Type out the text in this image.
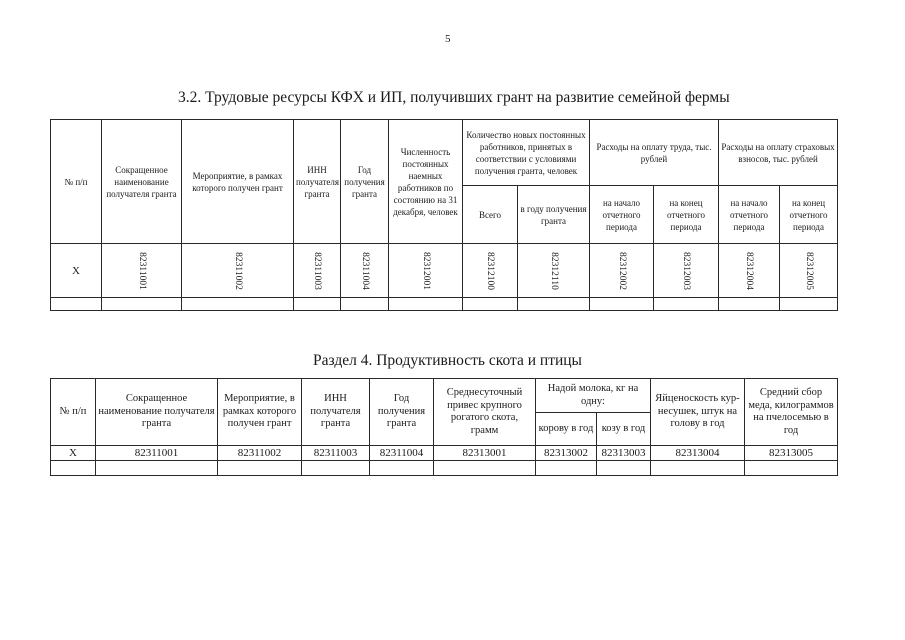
5
3.2. Трудовые ресурсы КФХ и ИП, получивших грант на развитие семейной фермы
№ п/п	Сокращенное наименование получателя гранта	Мероприятие, в рамках которого получен грант	ИНН получателя гранта	Год получения гранта	Численность постоянных наемных работников по состоянию на 31 декабря, человек	Количество новых постоянных работников, принятых в соответствии с условиями получения гранта, человек		Расходы на оплату труда, тыс. рублей		Расходы на оплату страховых взносов, тыс. рублей	
						Всего	в году получения гранта	на начало отчетного периода	на конец отчетного периода	на начало отчетного периода	на конец отчетного периода
Х	82311001	82311002	82311003	82311004	82312001	82312100	82312110	82312002	82312003	82312004	82312005

Раздел 4. Продуктивность скота и птицы
№ п/п	Сокращенное наименование получателя гранта	Мероприятие, в рамках которого получен грант	ИНН получателя гранта	Год получения гранта	Среднесуточный привес крупного рогатого скота, грамм	Надой молока, кг на одну:		Яйценоскость кур-несушек, штук на голову в год	Средний сбор меда, килограммов на пчелосемью в год
						корову в год	козу в год		
Х	82311001	82311002	82311003	82311004	82313001	82313002	82313003	82313004	82313005
